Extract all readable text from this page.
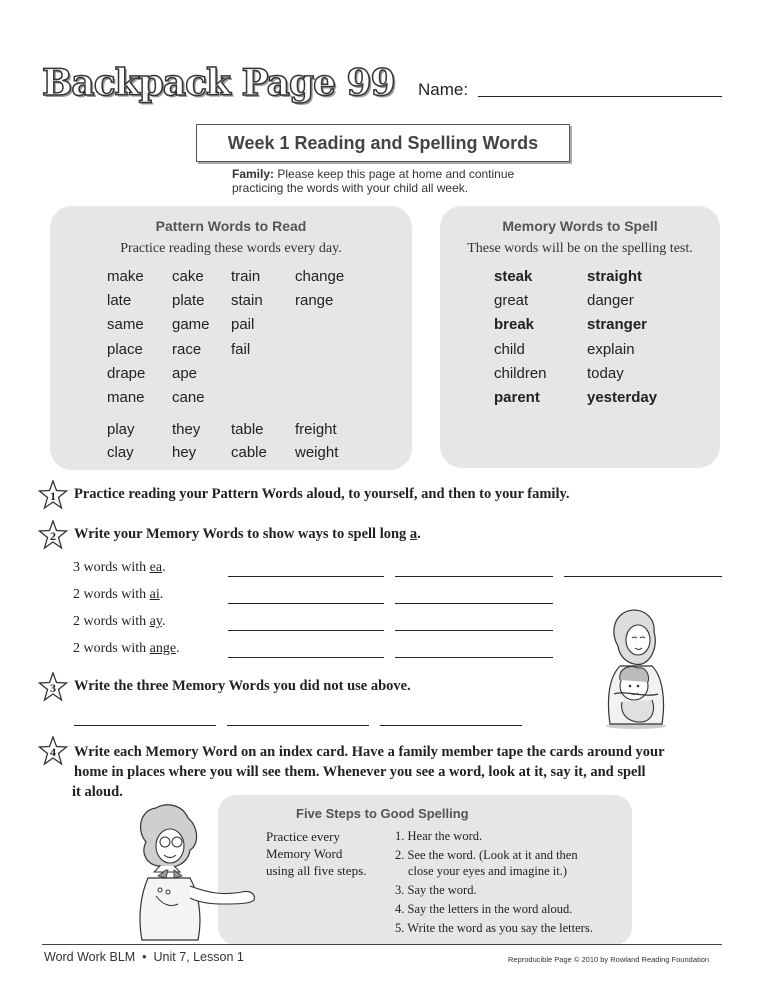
Backpack Page 99 Name:
Week 1 Reading and Spelling Words
Family: Please keep this page at home and continue
practicing the words with your child all week.
Pattern Words to Read
Practice reading these words every day.
make
late
same
place
drape
mane
cake
plate
game
race
ape
cane
train
stain
pail
fail
change
range
play they table freight
clay	hey cable weight
Memory Words to Spell
These words will be on the spelling test.
steak
great
break
child
children
parent
straight
danger
stranger
explain
today
yesterday
1 Practice reading your Pattern Words aloud, to yourself, and then to your family.
2 Write your Memory Words to show ways to spell long a.
3 words with ea.
2 words with ai.
2 words with ay.
2 words with ange.
3 Write the three Memory Words you did not use above.
4 Write each Memory Word on an index card. Have a family member tape the cards around your
home in places where you will see them. Whenever you see a word, look at it, say it, and spell
it aloud.
Five Steps to Good Spelling
Practice every
Memory Word
using all five steps.
1. Hear the word.
2. See the word. (Look at it and then
close your eyes and imagine it.)
3. Say the word.
4. Say the letters in the word aloud.
5. Write the word as you say the letters.
Word Work BLM  •  Unit 7, Lesson 1	Reproducible Page © 2010 by Rowland Reading Foundation
